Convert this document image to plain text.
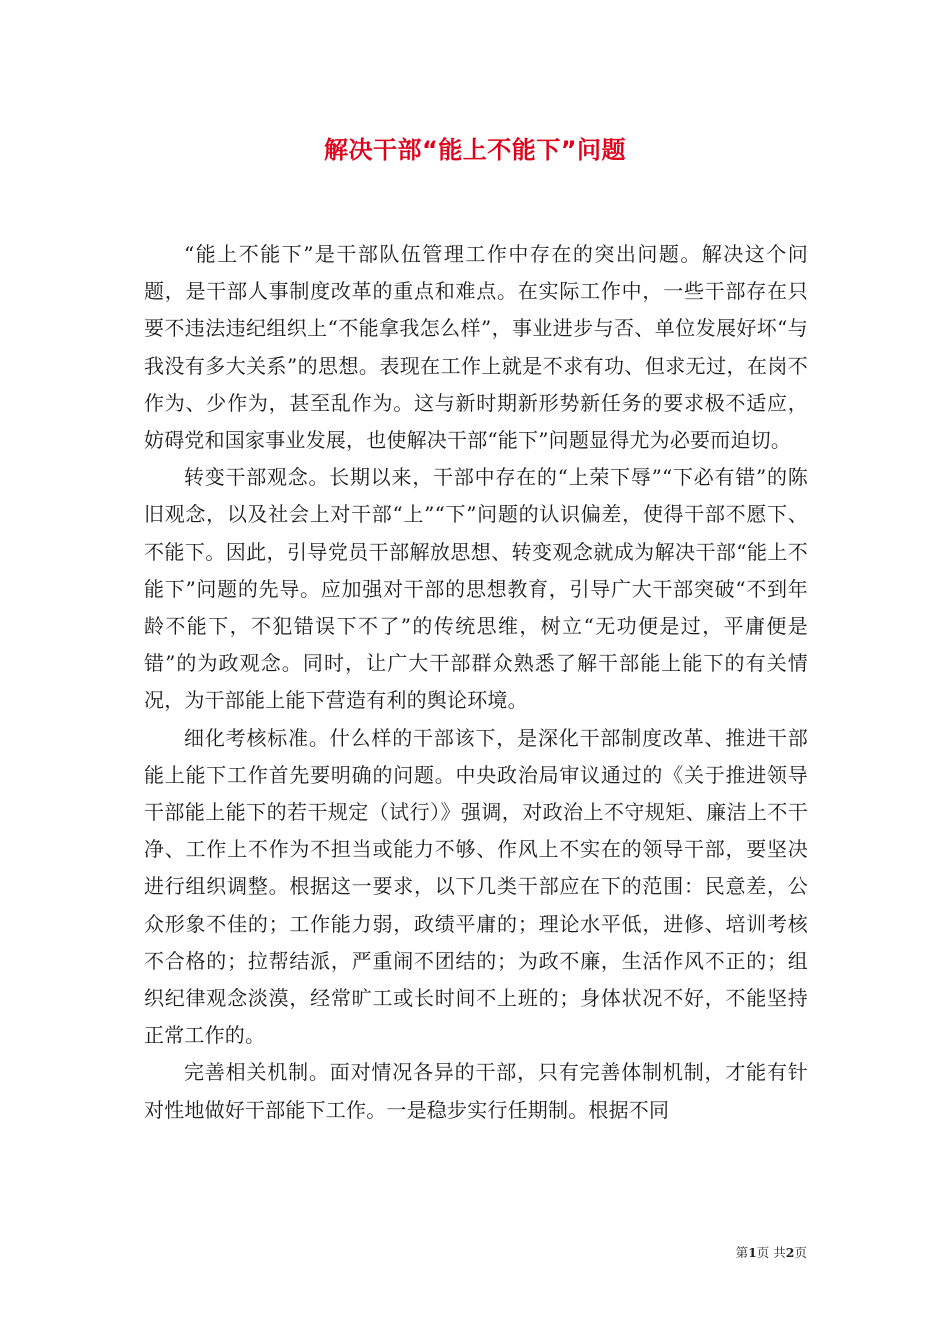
解决干部“能上不能下”问题

“能上不能下”是干部队伍管理工作中存在的突出问题。解决这个问题，是干部人事制度改革的重点和难点。在实际工作中，一些干部存在只要不违法违纪组织上“不能拿我怎么样”，事业进步与否、单位发展好坏“与我没有多大关系”的思想。表现在工作上就是不求有功、但求无过，在岗不作为、少作为，甚至乱作为。这与新时期新形势新任务的要求极不适应，妨碍党和国家事业发展，也使解决干部“能下”问题显得尤为必要而迫切。

转变干部观念。长期以来，干部中存在的“上荣下辱”“下必有错”的陈旧观念，以及社会上对干部“上”“下”问题的认识偏差，使得干部不愿下、不能下。因此，引导党员干部解放思想、转变观念就成为解决干部“能上不能下”问题的先导。应加强对干部的思想教育，引导广大干部突破“不到年龄不能下，不犯错误下不了”的传统思维，树立“无功便是过，平庸便是错”的为政观念。同时，让广大干部群众熟悉了解干部能上能下的有关情况，为干部能上能下营造有利的舆论环境。

细化考核标准。什么样的干部该下，是深化干部制度改革、推进干部能上能下工作首先要明确的问题。中央政治局审议通过的《关于推进领导干部能上能下的若干规定（试行）》强调，对政治上不守规矩、廉洁上不干净、工作上不作为不担当或能力不够、作风上不实在的领导干部，要坚决进行组织调整。根据这一要求，以下几类干部应在下的范围：民意差，公众形象不佳的；工作能力弱，政绩平庸的；理论水平低，进修、培训考核不合格的；拉帮结派，严重闹不团结的；为政不廉，生活作风不正的；组织纪律观念淡漠，经常旷工或长时间不上班的；身体状况不好，不能坚持正常工作的。

完善相关机制。面对情况各异的干部，只有完善体制机制，才能有针对性地做好干部能下工作。一是稳步实行任期制。根据不同

第1页 共2页
